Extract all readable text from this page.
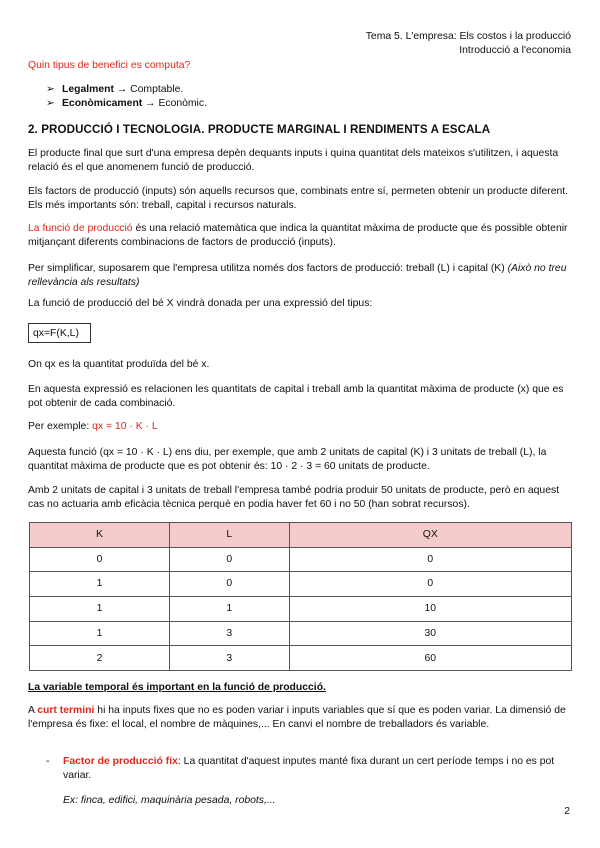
Tema 5. L'empresa: Els costos i la producció
Introducció a l'economia
Quin tipus de benefici es computa?
➢ Legalment → Comptable.
➢ Econòmicament → Econòmic.
2. PRODUCCIÓ I TECNOLOGIA. PRODUCTE MARGINAL I RENDIMENTS A ESCALA

El producte final que surt d'una empresa depèn dequants inputs i quina quantitat dels mateixos s'utilitzen, i aquesta relació és el que anomenem funció de producció.

Els factors de producció (inputs) són aquells recursos que, combinats entre sí, permeten obtenir un producte diferent. Els més importants són: treball, capital i recursos naturals.

La funció de producció és una relació matemàtica que indica la quantitat màxima de producte que és possible obtenir mitjançant diferents combinacions de factors de producció (inputs).

Per simplificar, suposarem que l'empresa utilitza només dos factors de producció: treball (L) i capital (K) (Això no treu rellevància als resultats)

La funció de producció del bé X vindrà donada per una expressió del tipus:

qx=F(K,L)

On qx es la quantitat produïda del bé x.

En aquesta expressió es relacionen les quantitats de capital i treball amb la quantitat màxima de producte (x) que es pot obtenir de cada combinació.

Per exemple: qx = 10 · K · L

Aquesta funció (qx = 10 · K · L) ens diu, per exemple, que amb 2 unitats de capital (K) i 3 unitats de treball (L), la quantitat màxima de producte que es pot obtenir és: 10 · 2 · 3 = 60 unitats de producte.

Amb 2 unitats de capital i 3 unitats de treball l'empresa també podria produir 50 unitats de producte, però en aquest cas no actuaria amb eficàcia tècnica perquè en podia haver fet 60 i no 50 (han sobrat recursos).

K	L	QX
0	0	0
1	0	0
1	1	10
1	3	30
2	3	60
La variable temporal és important en la funció de producció.

A curt termini hi ha inputs fixes que no es poden variar i inputs variables que sí que es poden variar. La dimensió de l'empresa és fixe: el local, el nombre de màquines,... En canvi el nombre de treballadors és variable.

- Factor de producció fix: La quantitat d'aquest inputes manté fixa durant un cert període temps i no es pot variar.

Ex: finca, edifici, maquinària pesada, robots,...
2
